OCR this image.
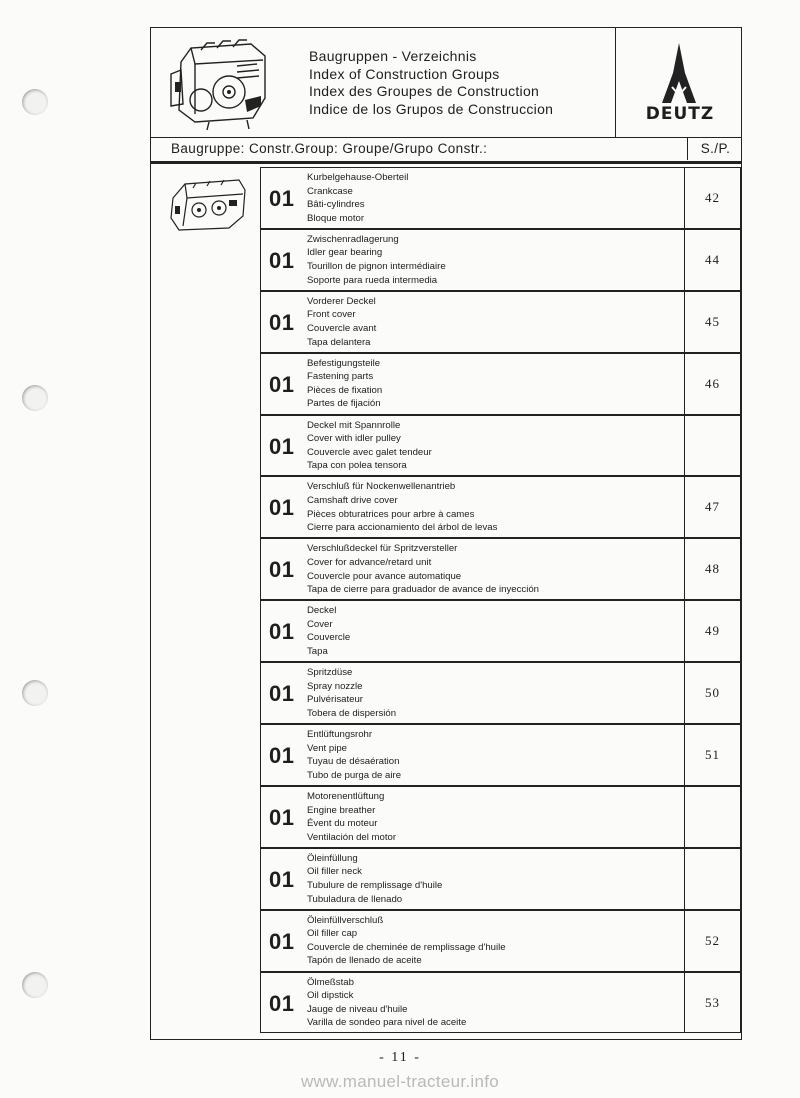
Baugruppen - Verzeichnis
Index of Construction Groups
Index des Groupes de Construction
Indice de los Grupos de Construccion	DEUTZ
Baugruppe: Constr.Group: Groupe/Grupo Constr.:	S./P.
01
Kurbelgehause-Oberteil
Crankcase
Bâti-cylindres
Bloque motor
42
01
Zwischenradlagerung
Idler gear bearing
Tourillon de pignon intermédiaire
Soporte para rueda intermedia
44
01
Vorderer Deckel
Front cover
Couvercle avant
Tapa delantera
45
01
Befestigungsteile
Fastening parts
Pièces de fixation
Partes de fijación
46
01
Deckel mit Spannrolle
Cover with idler pulley
Couvercle avec galet tendeur
Tapa con polea tensora
01
Verschluß für Nockenwellenantrieb
Camshaft drive cover
Pièces obturatrices pour arbre à cames
Cierre para accionamiento del árbol de levas
47
01
Verschlußdeckel für Spritzversteller
Cover for advance/retard unit
Couvercle pour avance automatique
Tapa de cierre para graduador de avance de inyección
48
01
Deckel
Cover
Couvercle
Tapa
49
01
Spritzdüse
Spray nozzle
Pulvérisateur
Tobera de dispersión
50
01
Entlüftungsrohr
Vent pipe
Tuyau de désaération
Tubo de purga de aire
51
01
Motorenentlüftung
Engine breather
Évent du moteur
Ventilación del motor
01
Öleinfüllung
Oil filler neck
Tubulure de remplissage d'huile
Tubuladura de llenado
01
Öleinfüllverschluß
Oil filler cap
Couvercle de cheminée de remplissage d'huile
Tapón de llenado de aceite
52
01
Ölmeßstab
Oil dipstick
Jauge de niveau d'huile
Varilla de sondeo para nivel de aceite
53
- 11 -
www.manuel-tracteur.info
